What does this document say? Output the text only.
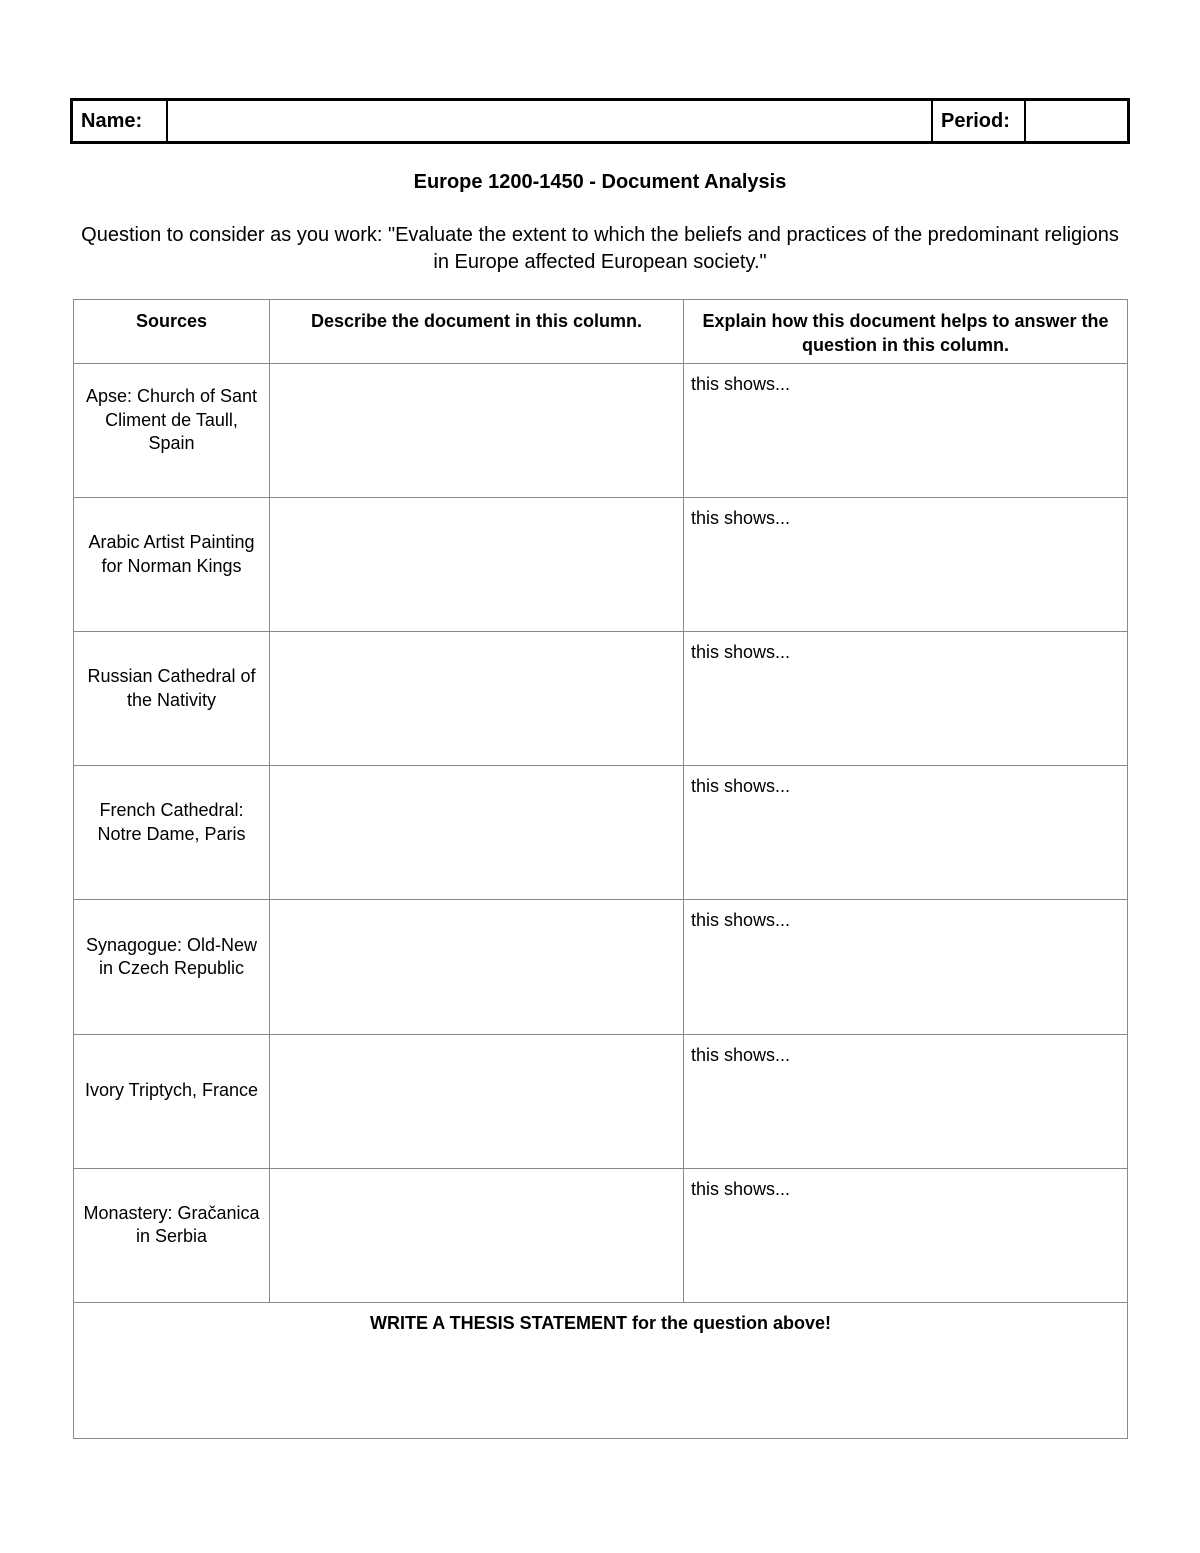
Name:	Period:
Europe 1200-1450 - Document Analysis
Question to consider as you work: "Evaluate the extent to which the beliefs and practices of the predominant religions in Europe affected European society."
Sources	Describe the document in this column.	Explain how this document helps to answer the question in this column.
Apse: Church of Sant Climent de Taull, Spain		this shows...
Arabic Artist Painting for Norman Kings		this shows...
Russian Cathedral of the Nativity		this shows...
French Cathedral: Notre Dame, Paris		this shows...
Synagogue: Old-New in Czech Republic		this shows...
Ivory Triptych, France		this shows...
Monastery: Gračanica in Serbia		this shows...
WRITE A THESIS STATEMENT for the question above!		
